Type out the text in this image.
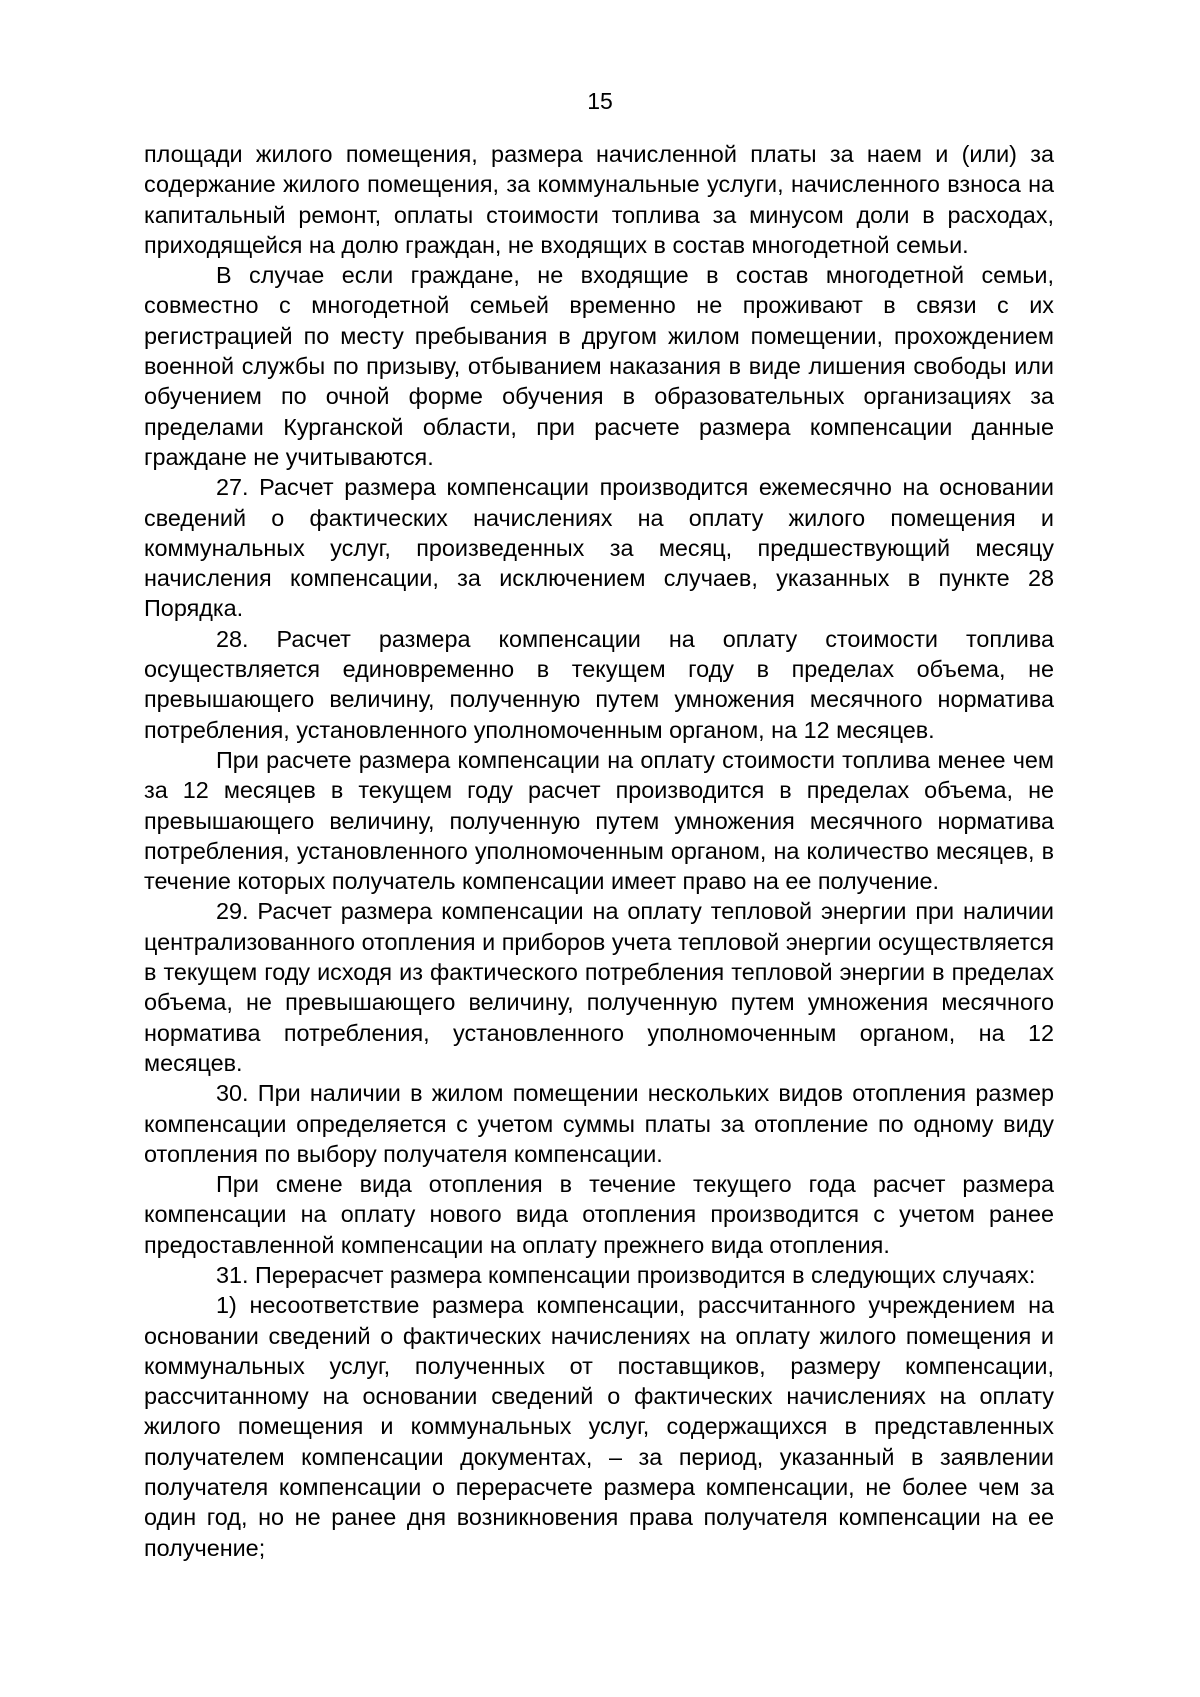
15

площади жилого помещения, размера начисленной платы за наем и (или) за содержание жилого помещения, за коммунальные услуги, начисленного взноса на капитальный ремонт, оплаты стоимости топлива за минусом доли в расходах, приходящейся на долю граждан, не входящих в состав многодетной семьи.

В случае если граждане, не входящие в состав многодетной семьи, совместно с многодетной семьей временно не проживают в связи с их регистрацией по месту пребывания в другом жилом помещении, прохождением военной службы по призыву, отбыванием наказания в виде лишения свободы или обучением по очной форме обучения в образовательных организациях за пределами Курганской области, при расчете размера компенсации данные граждане не учитываются.

27. Расчет размера компенсации производится ежемесячно на основании сведений о фактических начислениях на оплату жилого помещения и коммунальных услуг, произведенных за месяц, предшествующий месяцу начисления компенсации, за исключением случаев, указанных в пункте 28 Порядка.

28. Расчет размера компенсации на оплату стоимости топлива осуществляется единовременно в текущем году в пределах объема, не превышающего величину, полученную путем умножения месячного норматива потребления, установленного уполномоченным органом, на 12 месяцев.

При расчете размера компенсации на оплату стоимости топлива менее чем за 12 месяцев в текущем году расчет производится в пределах объема, не превышающего величину, полученную путем умножения месячного норматива потребления, установленного уполномоченным органом, на количество месяцев, в течение которых получатель компенсации имеет право на ее получение.

29. Расчет размера компенсации на оплату тепловой энергии при наличии централизованного отопления и приборов учета тепловой энергии осуществляется в текущем году исходя из фактического потребления тепловой энергии в пределах объема, не превышающего величину, полученную путем умножения месячного норматива потребления, установленного уполномоченным органом, на 12 месяцев.

30. При наличии в жилом помещении нескольких видов отопления размер компенсации определяется с учетом суммы платы за отопление по одному виду отопления по выбору получателя компенсации.

При смене вида отопления в течение текущего года расчет размера компенсации на оплату нового вида отопления производится с учетом ранее предоставленной компенсации на оплату прежнего вида отопления.

31. Перерасчет размера компенсации производится в следующих случаях:

1) несоответствие размера компенсации, рассчитанного учреждением на основании сведений о фактических начислениях на оплату жилого помещения и коммунальных услуг, полученных от поставщиков, размеру компенсации, рассчитанному на основании сведений о фактических начислениях на оплату жилого помещения и коммунальных услуг, содержащихся в представленных получателем компенсации документах, – за период, указанный в заявлении получателя компенсации о перерасчете размера компенсации, не более чем за один год, но не ранее дня возникновения права получателя компенсации на ее получение;
